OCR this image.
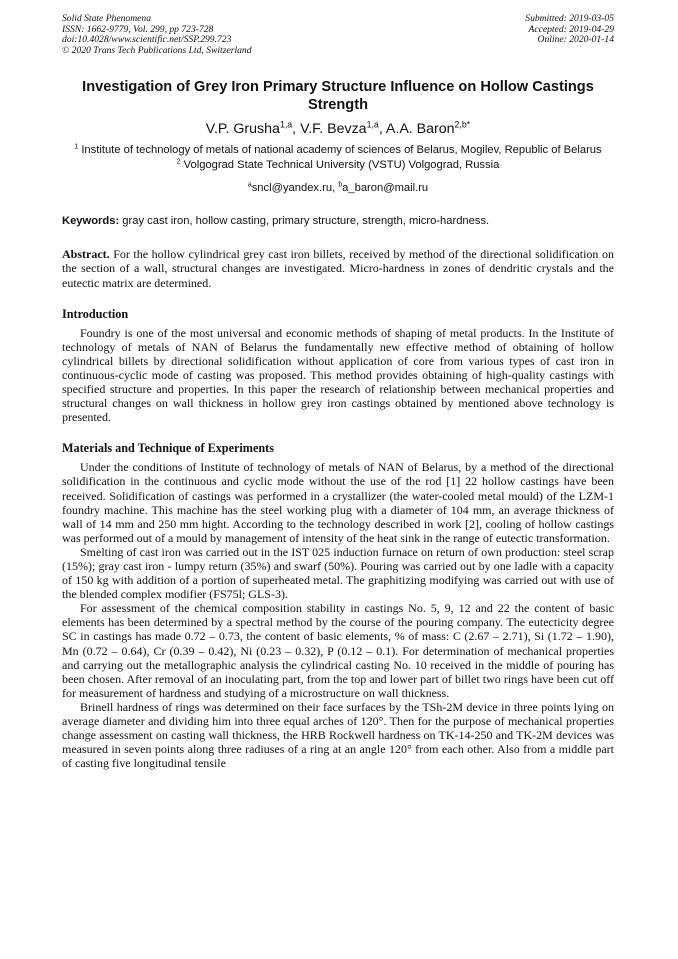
Solid State Phenomena
ISSN: 1662-9779, Vol. 299, pp 723-728
doi:10.4028/www.scientific.net/SSP.299.723
© 2020 Trans Tech Publications Ltd, Switzerland
Submitted: 2019-03-05
Accepted: 2019-04-29
Online: 2020-01-14
Investigation of Grey Iron Primary Structure Influence on Hollow Castings Strength
V.P. Grusha$^{1,a}$, V.F. Bevza$^{1,a}$, A.A. Baron$^{2,b*}$
$^1$ Institute of technology of metals of national academy of sciences of Belarus, Mogilev, Republic of Belarus
$^2$ Volgograd State Technical University (VSTU) Volgograd, Russia
$^a$sncl@yandex.ru, $^b$a_baron@mail.ru
Keywords: gray cast iron, hollow casting, primary structure, strength, micro-hardness.
Abstract. For the hollow cylindrical grey cast iron billets, received by method of the directional solidification on the section of a wall, structural changes are investigated. Micro-hardness in zones of dendritic crystals and the eutectic matrix are determined.
Introduction

Foundry is one of the most universal and economic methods of shaping of metal products. In the Institute of technology of metals of NAN of Belarus the fundamentally new effective method of obtaining of hollow cylindrical billets by directional solidification without application of core from various types of cast iron in continuous-cyclic mode of casting was proposed. This method provides obtaining of high-quality castings with specified structure and properties. In this paper the research of relationship between mechanical properties and structural changes on wall thickness in hollow grey iron castings obtained by mentioned above technology is presented.

Materials and Technique of Experiments

Under the conditions of Institute of technology of metals of NAN of Belarus, by a method of the directional solidification in the continuous and cyclic mode without the use of the rod [1] 22 hollow castings have been received. Solidification of castings was performed in a crystallizer (the water-cooled metal mould) of the LZM-1 foundry machine. This machine has the steel working plug with a diameter of 104 mm, an average thickness of wall of 14 mm and 250 mm hight. According to the technology described in work [2], cooling of hollow castings was performed out of a mould by management of intensity of the heat sink in the range of eutectic transformation.

Smelting of cast iron was carried out in the IST 025 induction furnace on return of own production: steel scrap (15%); gray cast iron - lumpy return (35%) and swarf (50%). Pouring was carried out by one ladle with a capacity of 150 kg with addition of a portion of superheated metal. The graphitizing modifying was carried out with use of the blended complex modifier (FS75l; GLS-3).

For assessment of the chemical composition stability in castings No. 5, 9, 12 and 22 the content of basic elements has been determined by a spectral method by the course of the pouring company. The eutecticity degree SC in castings has made 0.72 – 0.73, the content of basic elements, % of mass: C (2.67 – 2.71), Si (1.72 – 1.90), Mn (0.72 – 0.64), Cr (0.39 – 0.42), Ni (0.23 – 0.32), P (0.12 – 0.1). For determination of mechanical properties and carrying out the metallographic analysis the cylindrical casting No. 10 received in the middle of pouring has been chosen. After removal of an inoculating part, from the top and lower part of billet two rings have been cut off for measurement of hardness and studying of a microstructure on wall thickness.

Brinell hardness of rings was determined on their face surfaces by the TSh-2M device in three points lying on average diameter and dividing him into three equal arches of 120°. Then for the purpose of mechanical properties change assessment on casting wall thickness, the HRB Rockwell hardness on TK-14-250 and TK-2M devices was measured in seven points along three radiuses of a ring at an angle 120° from each other. Also from a middle part of casting five longitudinal tensile
